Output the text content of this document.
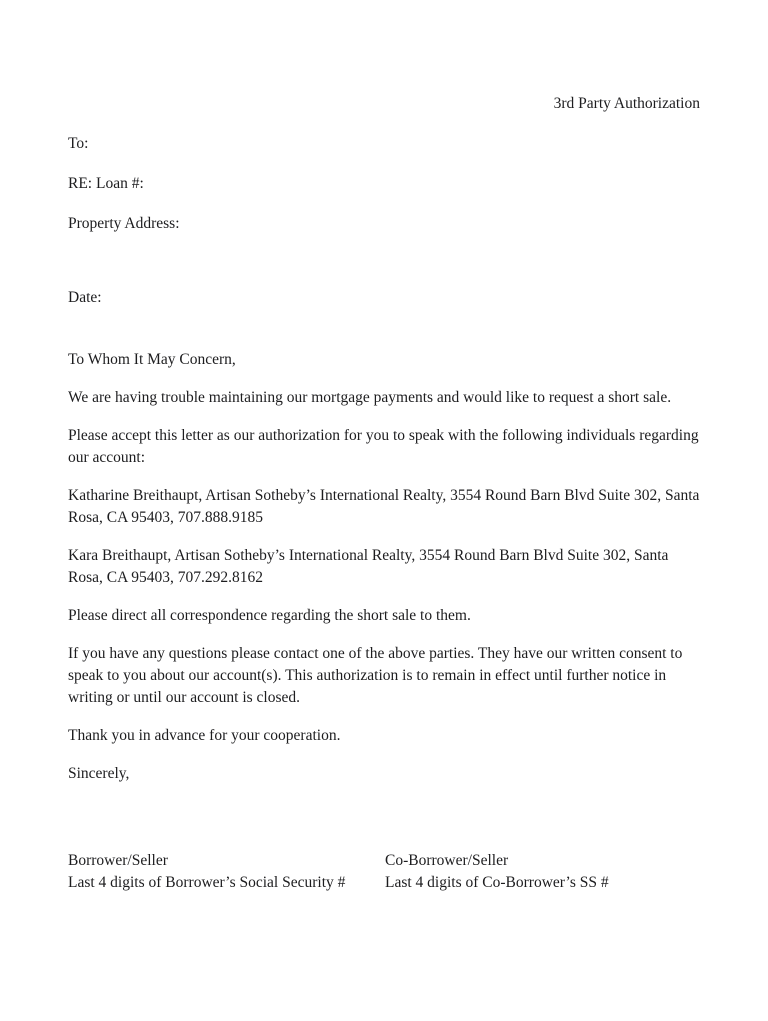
3rd Party Authorization

To:

RE: Loan #:

Property Address:

Date:

To Whom It May Concern,

We are having trouble maintaining our mortgage payments and would like to request a short sale.

Please accept this letter as our authorization for you to speak with the following individuals regarding our account:

Katharine Breithaupt, Artisan Sotheby’s International Realty, 3554 Round Barn Blvd Suite 302, Santa Rosa, CA 95403, 707.888.9185

Kara Breithaupt, Artisan Sotheby’s International Realty, 3554 Round Barn Blvd Suite 302, Santa Rosa, CA 95403, 707.292.8162

Please direct all correspondence regarding the short sale to them.

If you have any questions please contact one of the above parties. They have our written consent to speak to you about our account(s). This authorization is to remain in effect until further notice in writing or until our account is closed.

Thank you in advance for your cooperation.

Sincerely,

Borrower/Seller

Last 4 digits of Borrower’s Social Security #

Co-Borrower/Seller

Last 4 digits of Co-Borrower’s SS #
